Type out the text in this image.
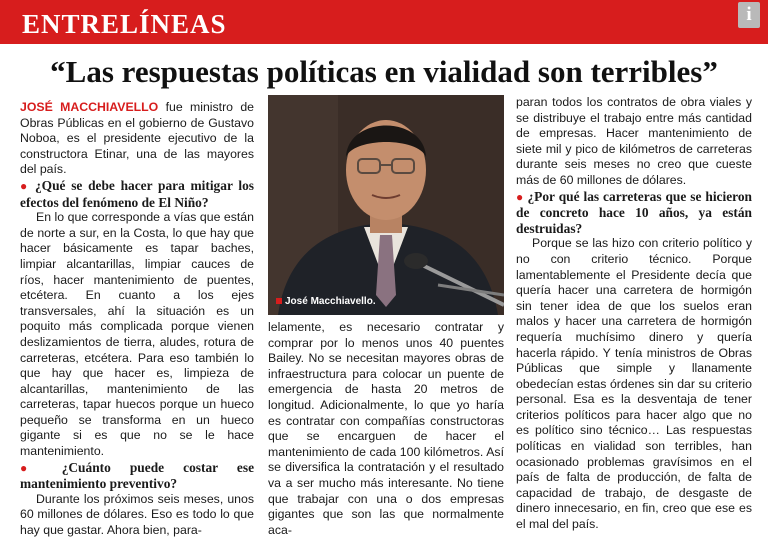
ENTRELÍNEAS	i
“Las respuestas políticas en vialidad son terribles”

JOSÉ MACCHIAVELLO fue ministro de Obras Públicas en el gobierno de Gustavo Noboa, es el presidente ejecutivo de la constructora Etinar, una de las mayores del país.

● ¿Qué se debe hacer para mitigar los efectos del fenómeno de El Niño?

En lo que corresponde a vías que están de norte a sur, en la Costa, lo que hay que hacer básicamente es tapar baches, limpiar alcantarillas, limpiar cauces de ríos, hacer mantenimiento de puentes, etcétera. En cuanto a los ejes transversales, ahí la situación es un poquito más complicada porque vienen deslizamientos de tierra, aludes, rotura de carreteras, etcétera. Para eso también lo que hay que hacer es, limpieza de alcantarillas, mantenimiento de las carreteras, tapar huecos porque un hueco pequeño se transforma en un hueco gigante si es que no se le hace mantenimiento.

● ¿Cuánto puede costar ese mantenimiento preventivo?

Durante los próximos seis meses, unos 60 millones de dólares. Eso es todo lo que hay que gastar. Ahora bien, para-

José Macchiavello.

lelamente, es necesario contratar y comprar por lo menos unos 40 puentes Bailey. No se necesitan mayores obras de infraestructura para colocar un puente de emergencia de hasta 20 metros de longitud. Adicionalmente, lo que yo haría es contratar con compañías constructoras que se encarguen de hacer el mantenimiento de cada 100 kilómetros. Así se diversifica la contratación y el resultado va a ser mucho más interesante. No tiene que trabajar con una o dos empresas gigantes que son las que normalmente aca-

paran todos los contratos de obra viales y se distribuye el trabajo entre más cantidad de empresas. Hacer mantenimiento de siete mil y pico de kilómetros de carreteras durante seis meses no creo que cueste más de 60 millones de dólares.

● ¿Por qué las carreteras que se hicieron de concreto hace 10 años, ya están destruidas?

Porque se las hizo con criterio político y no con criterio técnico. Porque lamentablemente el Presidente decía que quería hacer una carretera de hormigón sin tener idea de que los suelos eran malos y hacer una carretera de hormigón requería muchísimo dinero y quería hacerla rápido. Y tenía ministros de Obras Públicas que simple y llanamente obedecían estas órdenes sin dar su criterio personal. Esa es la desventaja de tener criterios políticos para hacer algo que no es político sino técnico… Las respuestas políticas en vialidad son terribles, han ocasionado problemas gravísimos en el país de falta de producción, de falta de capacidad de trabajo, de desgaste de dinero innecesario, en fin, creo que ese es el mal del país.
